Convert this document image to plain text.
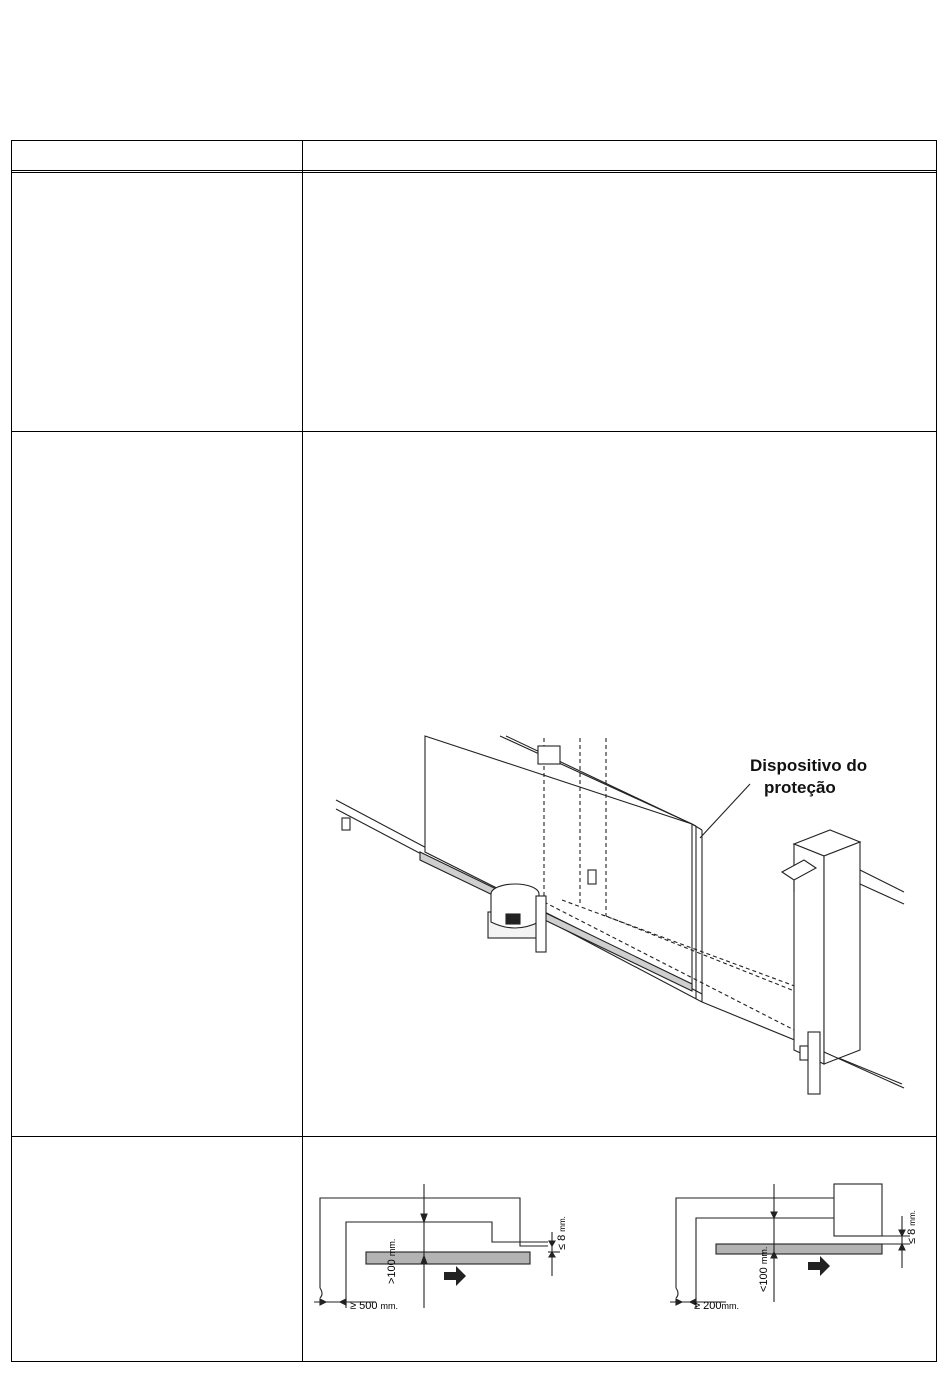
Dispositivo do
proteção
≥ 500 mm.
>100 mm.	≤ 8 mm.
≥ 200mm.
<100 mm.
≤ 8 mm.
